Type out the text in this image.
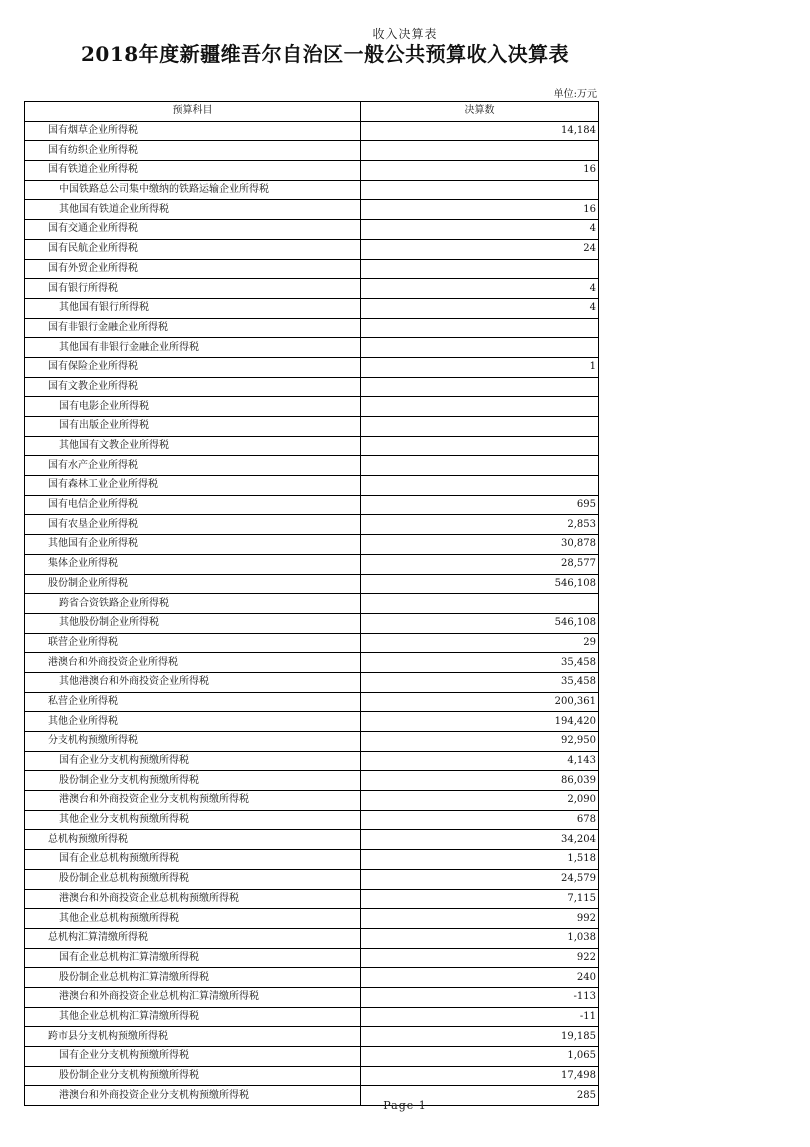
收入决算表
2018年度新疆维吾尔自治区一般公共预算收入决算表
单位:万元
预算科目	决算数
国有烟草企业所得税	14,184
国有纺织企业所得税	
国有铁道企业所得税	16
中国铁路总公司集中缴纳的铁路运输企业所得税	
其他国有铁道企业所得税	16
国有交通企业所得税	4
国有民航企业所得税	24
国有外贸企业所得税	
国有银行所得税	4
其他国有银行所得税	4
国有非银行金融企业所得税	
其他国有非银行金融企业所得税	
国有保险企业所得税	1
国有文教企业所得税	
国有电影企业所得税	
国有出版企业所得税	
其他国有文教企业所得税	
国有水产企业所得税	
国有森林工业企业所得税	
国有电信企业所得税	695
国有农垦企业所得税	2,853
其他国有企业所得税	30,878
集体企业所得税	28,577
股份制企业所得税	546,108
跨省合资铁路企业所得税	
其他股份制企业所得税	546,108
联营企业所得税	29
港澳台和外商投资企业所得税	35,458
其他港澳台和外商投资企业所得税	35,458
私营企业所得税	200,361
其他企业所得税	194,420
分支机构预缴所得税	92,950
国有企业分支机构预缴所得税	4,143
股份制企业分支机构预缴所得税	86,039
港澳台和外商投资企业分支机构预缴所得税	2,090
其他企业分支机构预缴所得税	678
总机构预缴所得税	34,204
国有企业总机构预缴所得税	1,518
股份制企业总机构预缴所得税	24,579
港澳台和外商投资企业总机构预缴所得税	7,115
其他企业总机构预缴所得税	992
总机构汇算清缴所得税	1,038
国有企业总机构汇算清缴所得税	922
股份制企业总机构汇算清缴所得税	240
港澳台和外商投资企业总机构汇算清缴所得税	-113
其他企业总机构汇算清缴所得税	-11
跨市县分支机构预缴所得税	19,185
国有企业分支机构预缴所得税	1,065
股份制企业分支机构预缴所得税	17,498
港澳台和外商投资企业分支机构预缴所得税	285
Page 1
